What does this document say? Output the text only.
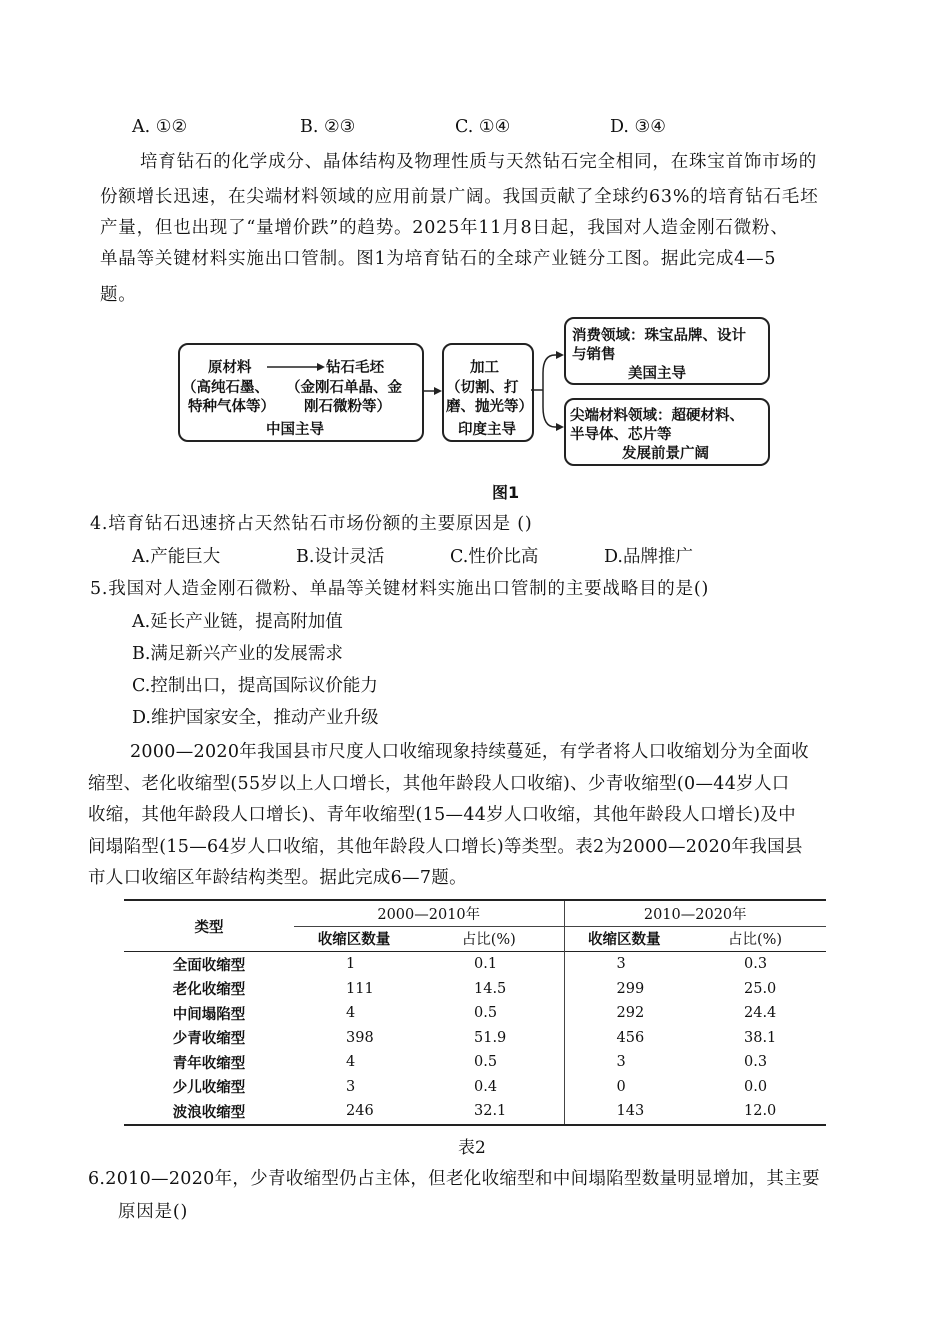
A. ①②	B. ②③	C. ①④	D. ③④
培育钻石的化学成分、晶体结构及物理性质与天然钻石完全相同，在珠宝首饰市场的
份额增长迅速，在尖端材料领域的应用前景广阔。我国贡献了全球约63%的培育钻石毛坯
产量，但也出现了“量增价跌”的趋势。2025年11月8日起，我国对人造金刚石微粉、
单晶等关键材料实施出口管制。图1为培育钻石的全球产业链分工图。据此完成4—5
题。
原材料
（高纯石墨、
特种气体等）
钻石毛坯
（金刚石单晶、金
刚石微粉等）
中国主导
加工
（切割、打
磨、抛光等）
印度主导
消费领域：珠宝品牌、设计
与销售
美国主导
尖端材料领域：超硬材料、
半导体、芯片等
发展前景广阔
图1
4.培育钻石迅速挤占天然钻石市场份额的主要原因是 ()
A.产能巨大	B.设计灵活	C.性价比高	D.品牌推广
5.我国对人造金刚石微粉、单晶等关键材料实施出口管制的主要战略目的是()
A.延长产业链，提高附加值
B.满足新兴产业的发展需求
C.控制出口，提高国际议价能力
D.维护国家安全，推动产业升级
2000—2020年我国县市尺度人口收缩现象持续蔓延，有学者将人口收缩划分为全面收
缩型、老化收缩型(55岁以上人口增长，其他年龄段人口收缩)、少青收缩型(0—44岁人口
收缩，其他年龄段人口增长)、青年收缩型(15—44岁人口收缩，其他年龄段人口增长)及中
间塌陷型(15—64岁人口收缩，其他年龄段人口增长)等类型。表2为2000—2020年我国县
市人口收缩区年龄结构类型。据此完成6—7题。
类型	2000—2010年		2010—2020年	
	收缩区数量	占比(%)	收缩区数量	占比(%)
全面收缩型	1	0.1	3	0.3
老化收缩型	111	14.5	299	25.0
中间塌陷型	4	0.5	292	24.4
少青收缩型	398	51.9	456	38.1
青年收缩型	4	0.5	3	0.3
少儿收缩型	3	0.4	0	0.0
波浪收缩型	246	32.1	143	12.0
表2
6.2010—2020年，少青收缩型仍占主体，但老化收缩型和中间塌陷型数量明显增加，其主要
原因是()
